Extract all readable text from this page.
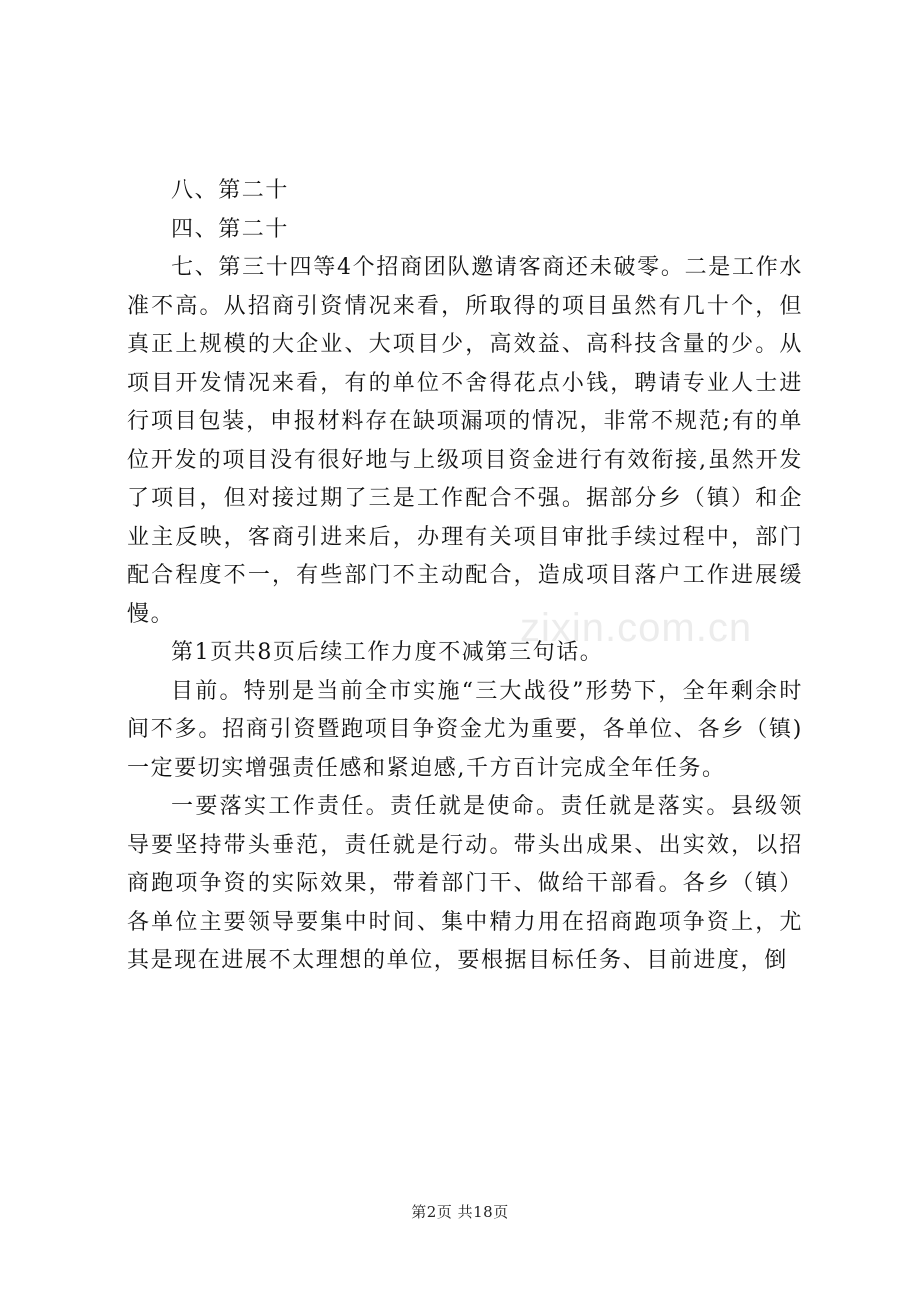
八、第二十

四、第二十

七、第三十四等4个招商团队邀请客商还未破零。二是工作水准不高。从招商引资情况来看，所取得的项目虽然有几十个，但真正上规模的大企业、大项目少，高效益、高科技含量的少。从项目开发情况来看，有的单位不舍得花点小钱，聘请专业人士进行项目包装，申报材料存在缺项漏项的情况，非常不规范;有的单位开发的项目没有很好地与上级项目资金进行有效衔接,虽然开发了项目，但对接过期了三是工作配合不强。据部分乡（镇）和企业主反映，客商引进来后，办理有关项目审批手续过程中，部门配合程度不一，有些部门不主动配合，造成项目落户工作进展缓慢。

第1页共8页后续工作力度不减第三句话。

目前。特别是当前全市实施“三大战役”形势下，全年剩余时间不多。招商引资暨跑项目争资金尤为重要，各单位、各乡（镇)一定要切实增强责任感和紧迫感,千方百计完成全年任务。

一要落实工作责任。责任就是使命。责任就是落实。县级领导要坚持带头垂范，责任就是行动。带头出成果、出实效，以招商跑项争资的实际效果，带着部门干、做给干部看。各乡（镇）各单位主要领导要集中时间、集中精力用在招商跑项争资上，尤其是现在进展不太理想的单位，要根据目标任务、目前进度，倒

zixin.com.cn
第2页 共18页
